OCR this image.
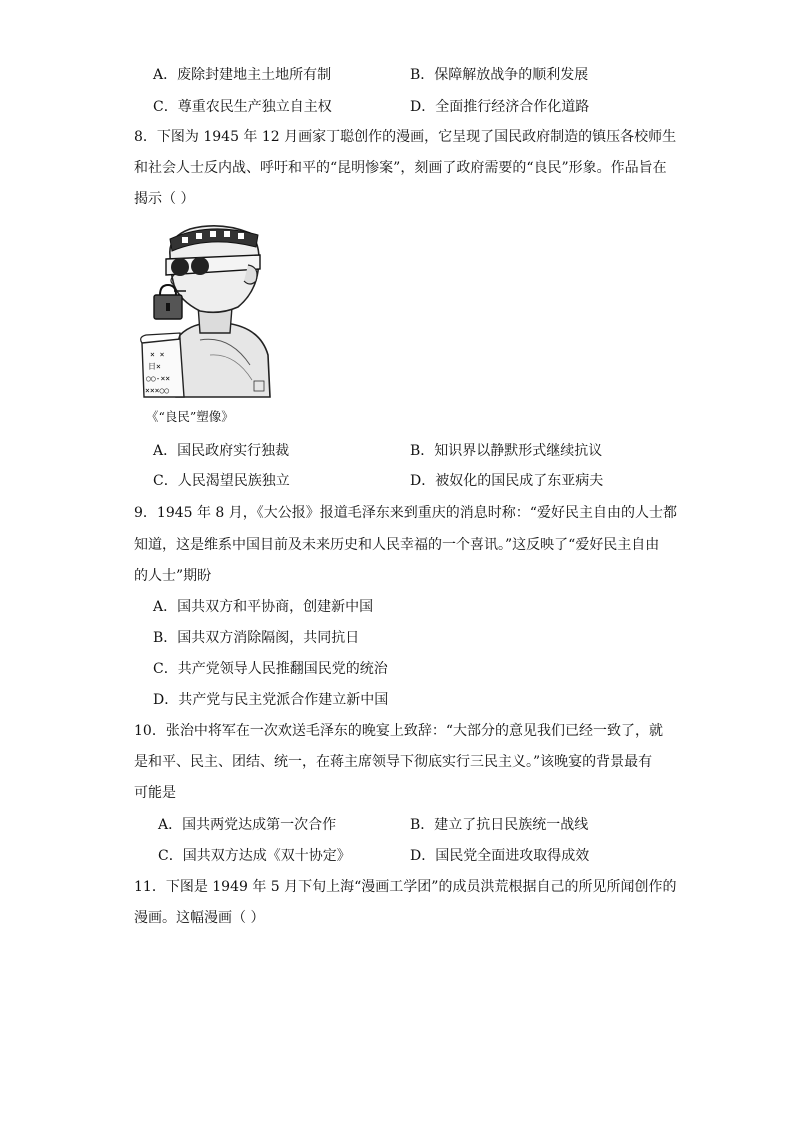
A．废除封建地主土地所有制	B．保障解放战争的顺利发展
C．尊重农民生产独立自主权	D．全面推行经济合作化道路
8．下图为 1945 年 12 月画家丁聪创作的漫画，它呈现了国民政府制造的镇压各校师生
和社会人士反内战、呼吁和平的“昆明惨案”，刻画了政府需要的“良民”形象。作品旨在
揭示（ ）
× ×
日×
○○-××
×××○○
《“良民”塑像》
A．国民政府实行独裁	B．知识界以静默形式继续抗议
C．人民渴望民族独立	D．被奴化的国民成了东亚病夫
9．1945 年 8 月，《大公报》报道毛泽东来到重庆的消息时称：“爱好民主自由的人士都
知道，这是维系中国目前及未来历史和人民幸福的一个喜讯。”这反映了“爱好民主自由
的人士”期盼
A．国共双方和平协商，创建新中国
B．国共双方消除隔阂，共同抗日
C．共产党领导人民推翻国民党的统治
D．共产党与民主党派合作建立新中国
10．张治中将军在一次欢送毛泽东的晚宴上致辞：“大部分的意见我们已经一致了，就
是和平、民主、团结、统一，在蒋主席领导下彻底实行三民主义。”该晚宴的背景最有
可能是
A．国共两党达成第一次合作	B．建立了抗日民族统一战线
C．国共双方达成《双十协定》	D．国民党全面进攻取得成效
11．下图是 1949 年 5 月下旬上海“漫画工学团”的成员洪荒根据自己的所见所闻创作的
漫画。这幅漫画（ ）
